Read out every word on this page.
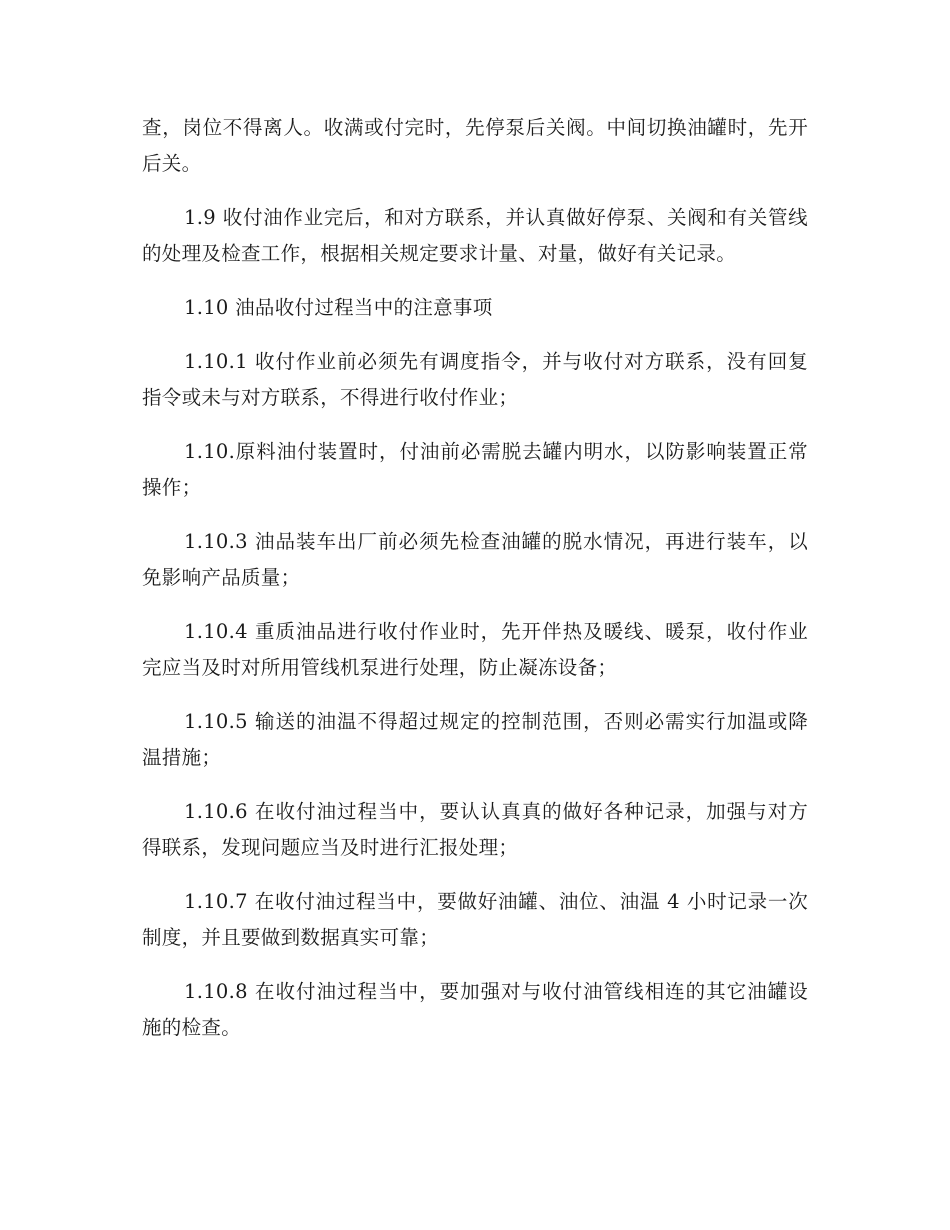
查，岗位不得离人。收满或付完时，先停泵后关阀。中间切换油罐时，先开后关。

1.9 收付油作业完后，和对方联系，并认真做好停泵、关阀和有关管线的处理及检查工作，根据相关规定要求计量、对量，做好有关记录。

1.10 油品收付过程当中的注意事项

1.10.1 收付作业前必须先有调度指令，并与收付对方联系，没有回复指令或未与对方联系，不得进行收付作业；

1.10.原料油付装置时，付油前必需脱去罐内明水，以防影响装置正常操作；

1.10.3 油品装车出厂前必须先检查油罐的脱水情况，再进行装车，以免影响产品质量；

1.10.4 重质油品进行收付作业时，先开伴热及暖线、暖泵，收付作业完应当及时对所用管线机泵进行处理，防止凝冻设备；

1.10.5 输送的油温不得超过规定的控制范围，否则必需实行加温或降温措施；

1.10.6 在收付油过程当中，要认认真真的做好各种记录，加强与对方得联系，发现问题应当及时进行汇报处理；

1.10.7 在收付油过程当中，要做好油罐、油位、油温 4 小时记录一次制度，并且要做到数据真实可靠；

1.10.8 在收付油过程当中，要加强对与收付油管线相连的其它油罐设施的检查。
